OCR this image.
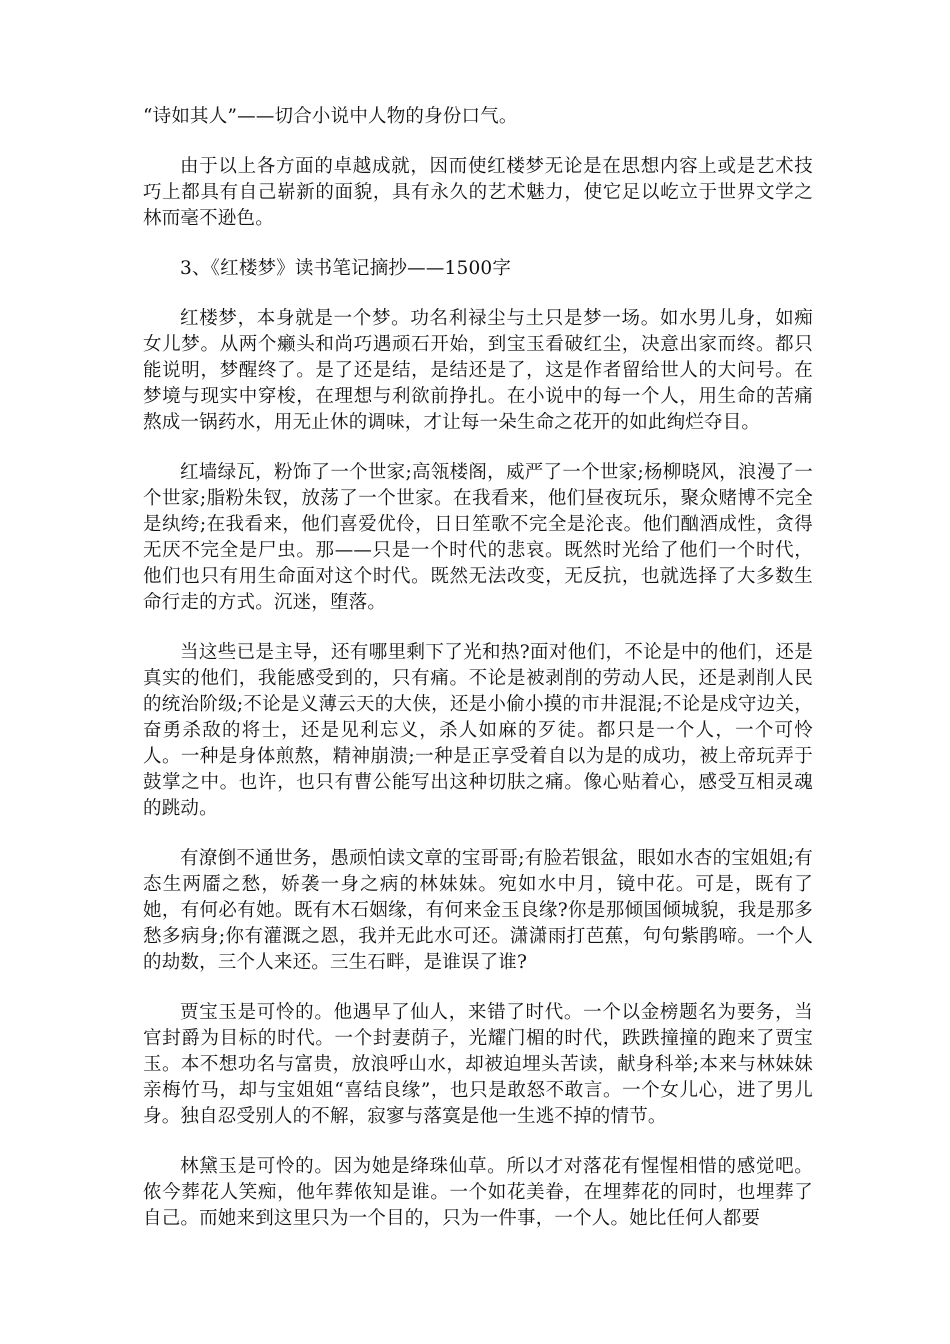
“诗如其人”——切合小说中人物的身份口气。

由于以上各方面的卓越成就，因而使红楼梦无论是在思想内容上或是艺术技巧上都具有自己崭新的面貌，具有永久的艺术魅力，使它足以屹立于世界文学之林而毫不逊色。

3、《红楼梦》读书笔记摘抄——1500字

红楼梦，本身就是一个梦。功名利禄尘与土只是梦一场。如水男儿身，如痴女儿梦。从两个癞头和尚巧遇顽石开始，到宝玉看破红尘，决意出家而终。都只能说明，梦醒终了。是了还是结，是结还是了，这是作者留给世人的大问号。在梦境与现实中穿梭，在理想与利欲前挣扎。在小说中的每一个人，用生命的苦痛熬成一锅药水，用无止休的调味，才让每一朵生命之花开的如此绚烂夺目。

红墙绿瓦，粉饰了一个世家;高瓴楼阁，威严了一个世家;杨柳晓风，浪漫了一个世家;脂粉朱钗，放荡了一个世家。在我看来，他们昼夜玩乐，聚众赌博不完全是纨绔;在我看来，他们喜爱优伶，日日笙歌不完全是沦丧。他们酗酒成性，贪得无厌不完全是尸虫。那——只是一个时代的悲哀。既然时光给了他们一个时代，他们也只有用生命面对这个时代。既然无法改变，无反抗，也就选择了大多数生命行走的方式。沉迷，堕落。

当这些已是主导，还有哪里剩下了光和热?面对他们，不论是中的他们，还是真实的他们，我能感受到的，只有痛。不论是被剥削的劳动人民，还是剥削人民的统治阶级;不论是义薄云天的大侠，还是小偷小摸的市井混混;不论是戍守边关，奋勇杀敌的将士，还是见利忘义，杀人如麻的歹徒。都只是一个人，一个可怜人。一种是身体煎熬，精神崩溃;一种是正享受着自以为是的成功，被上帝玩弄于鼓掌之中。也许，也只有曹公能写出这种切肤之痛。像心贴着心，感受互相灵魂的跳动。

有潦倒不通世务，愚顽怕读文章的宝哥哥;有脸若银盆，眼如水杏的宝姐姐;有态生两靥之愁，娇袭一身之病的林妹妹。宛如水中月，镜中花。可是，既有了她，有何必有她。既有木石姻缘，有何来金玉良缘?你是那倾国倾城貌，我是那多愁多病身;你有灌溉之恩，我并无此水可还。潇潇雨打芭蕉，句句紫鹃啼。一个人的劫数，三个人来还。三生石畔，是谁误了谁?

贾宝玉是可怜的。他遇早了仙人，来错了时代。一个以金榜题名为要务，当官封爵为目标的时代。一个封妻荫子，光耀门楣的时代，跌跌撞撞的跑来了贾宝玉。本不想功名与富贵，放浪呼山水，却被迫埋头苦读，献身科举;本来与林妹妹亲梅竹马，却与宝姐姐“喜结良缘”，也只是敢怒不敢言。一个女儿心，进了男儿身。独自忍受别人的不解，寂寥与落寞是他一生逃不掉的情节。

林黛玉是可怜的。因为她是绛珠仙草。所以才对落花有惺惺相惜的感觉吧。侬今葬花人笑痴，他年葬侬知是谁。一个如花美眷，在埋葬花的同时，也埋葬了自己。而她来到这里只为一个目的，只为一件事，一个人。她比任何人都要
